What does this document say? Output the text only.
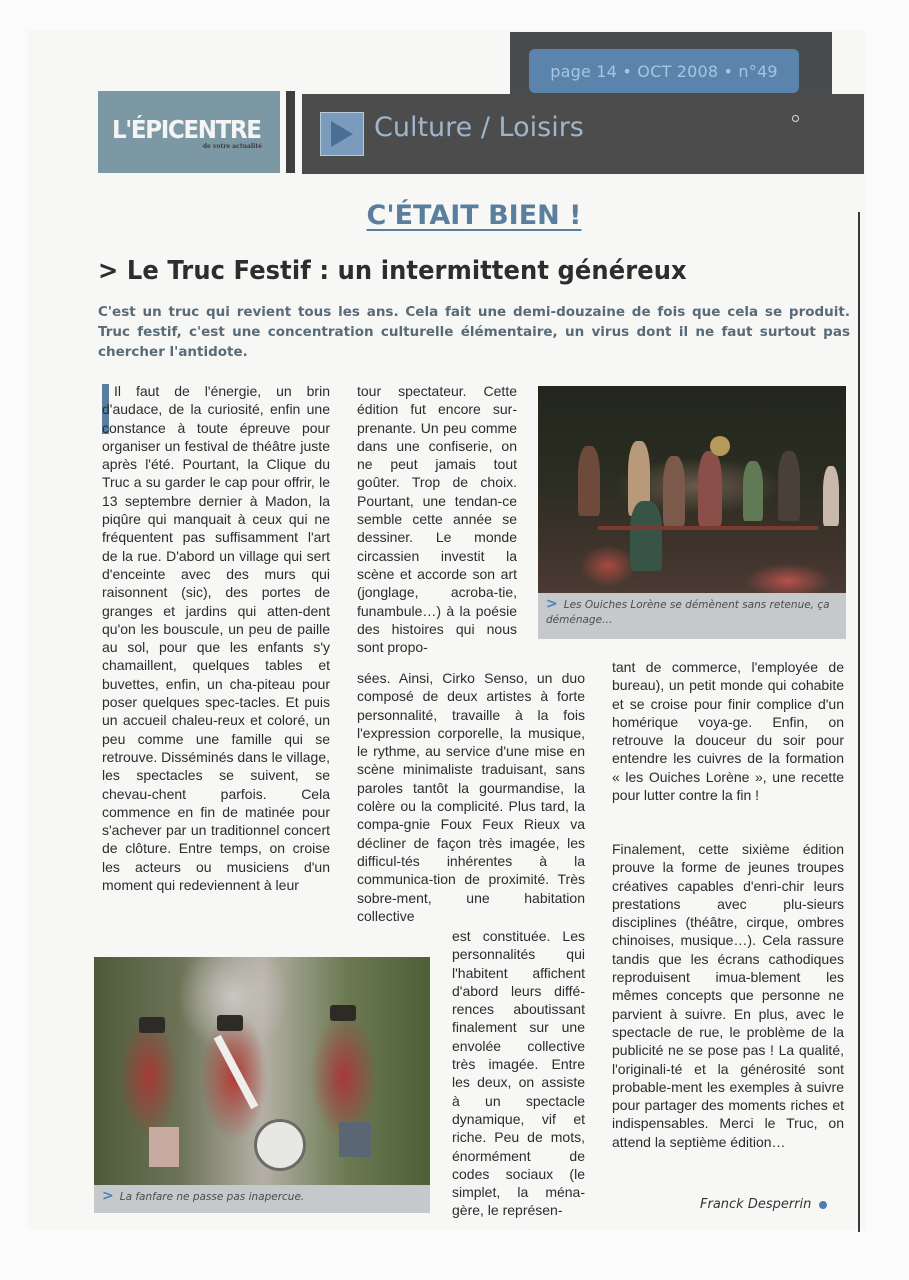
page 14 • OCT 2008 • n°49
L'ÉPICENTRE
de votre actualité
Culture / Loisirs
C'ÉTAIT BIEN !
> Le Truc Festif : un intermittent généreux
C'est un truc qui revient tous les ans. Cela fait une demi-douzaine de fois que cela se produit. Truc festif, c'est une concentration culturelle élémentaire, un virus dont il ne faut surtout pas chercher l'antidote.
Il faut de l'énergie, un brin d'audace, de la curiosité, enfin une constance à toute épreuve pour organiser un festival de théâtre juste après l'été. Pourtant, la Clique du Truc a su garder le cap pour offrir, le 13 septembre dernier à Madon, la piqûre qui manquait à ceux qui ne fréquentent pas suffisamment l'art de la rue. D'abord un village qui sert d'enceinte avec des murs qui raisonnent (sic), des portes de granges et jardins qui atten-dent qu'on les bouscule, un peu de paille au sol, pour que les enfants s'y chamaillent, quelques tables et buvettes, enfin, un cha-piteau pour poser quelques spec-tacles. Et puis un accueil chaleu-reux et coloré, un peu comme une famille qui se retrouve. Disséminés dans le village, les spectacles se suivent, se chevau-chent parfois. Cela commence en fin de matinée pour s'achever par un traditionnel concert de clôture. Entre temps, on croise les acteurs ou musiciens d'un moment qui redeviennent à leur
tour spectateur. Cette édition fut encore sur-prenante. Un peu comme dans une confiserie, on ne peut jamais tout goûter. Trop de choix. Pourtant, une tendan-ce semble cette année se dessiner. Le monde circassien investit la scène et accorde son art (jonglage, acroba-tie, funambule…) à la poésie des histoires qui nous sont propo-
sées. Ainsi, Cirko Senso, un duo composé de deux artistes à forte personnalité, travaille à la fois l'expression corporelle, la musique, le rythme, au service d'une mise en scène minimaliste traduisant, sans paroles tantôt la gourmandise, la colère ou la complicité. Plus tard, la compa-gnie Foux Feux Rieux va décliner de façon très imagée, les difficul-tés inhérentes à la communica-tion de proximité. Très sobre-ment, une habitation collective
est constituée. Les personnalités qui l'habitent affichent d'abord leurs diffé-rences aboutissant finalement sur une envolée collective très imagée. Entre les deux, on assiste à un spectacle dynamique, vif et riche. Peu de mots, énormément de codes sociaux (le simplet, la ména-gère, le représen-
tant de commerce, l'employée de bureau), un petit monde qui cohabite et se croise pour finir complice d'un homérique voya-ge. Enfin, on retrouve la douceur du soir pour entendre les cuivres de la formation « les Ouiches Lorène », une recette pour lutter contre la fin !
Finalement, cette sixième édition prouve la forme de jeunes troupes créatives capables d'enri-chir leurs prestations avec plu-sieurs disciplines (théâtre, cirque, ombres chinoises, musique…). Cela rassure tandis que les écrans cathodiques reproduisent imua-blement les mêmes concepts que personne ne parvient à suivre. En plus, avec le spectacle de rue, le problème de la publicité ne se pose pas ! La qualité, l'originali-té et la générosité sont probable-ment les exemples à suivre pour partager des moments riches et indispensables. Merci le Truc, on attend la septième édition…
> Les Ouiches Lorène se démènent sans retenue, ça déménage…
> La fanfare ne passe pas inapercue.	Franck Desperrin
